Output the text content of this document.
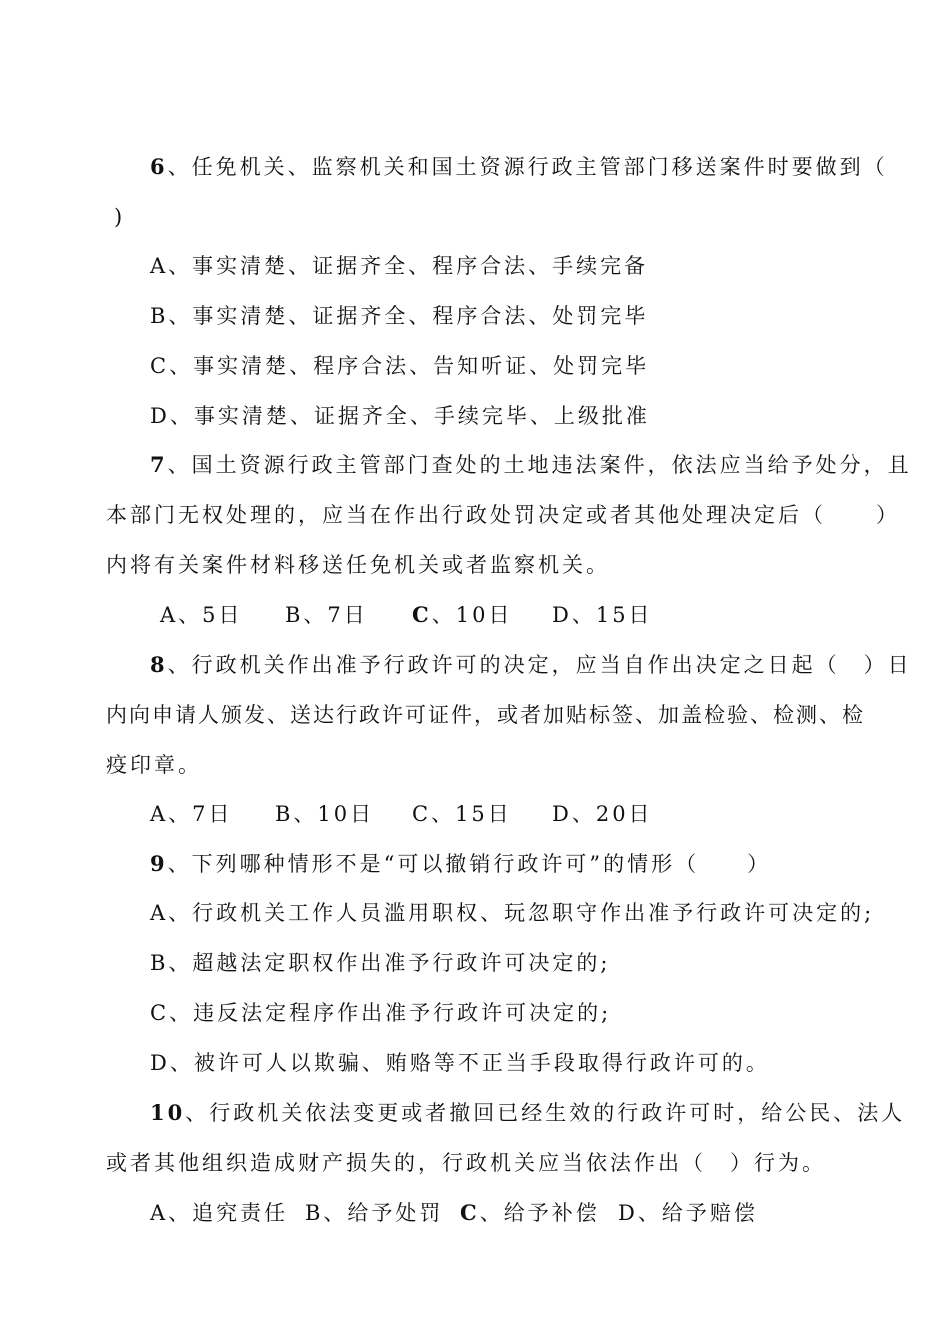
6、任免机关、监察机关和国土资源行政主管部门移送案件时要做到（
)
A、事实清楚、证据齐全、程序合法、手续完备
B、事实清楚、证据齐全、程序合法、处罚完毕
C、事实清楚、程序合法、告知听证、处罚完毕
D、事实清楚、证据齐全、手续完毕、上级批准
7、国土资源行政主管部门查处的土地违法案件，依法应当给予处分，且
本部门无权处理的，应当在作出行政处罚决定或者其他处理决定后（ ）
内将有关案件材料移送任免机关或者监察机关。
A、5日 B、7日 C、10日 D、15日
8、行政机关作出准予行政许可的决定，应当自作出决定之日起（　）日
内向申请人颁发、送达行政许可证件，或者加贴标签、加盖检验、检测、检
疫印章。
A、7日 B、10日 C、15日 D、20日
9、下列哪种情形不是“可以撤销行政许可”的情形（　　）
A、行政机关工作人员滥用职权、玩忽职守作出准予行政许可决定的;
B、超越法定职权作出准予行政许可决定的;
C、违反法定程序作出准予行政许可决定的;
D、被许可人以欺骗、贿赂等不正当手段取得行政许可的。
10、行政机关依法变更或者撤回已经生效的行政许可时，给公民、法人
或者其他组织造成财产损失的，行政机关应当依法作出（　）行为。
A、追究责任 B、给予处罚 C、给予补偿 D、给予赔偿
